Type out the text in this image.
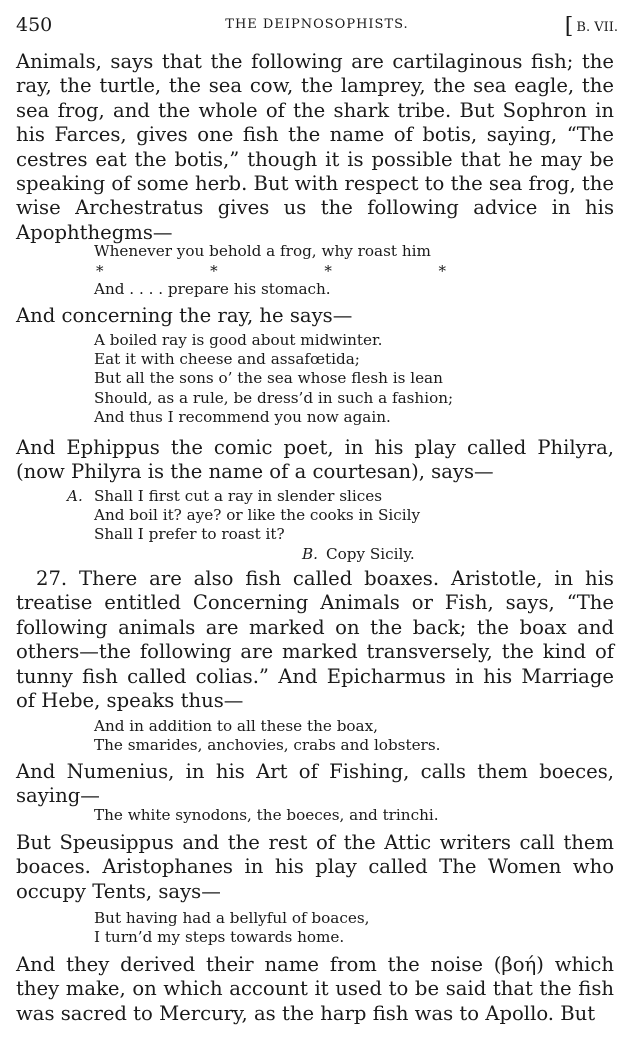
450	THE DEIPNOSOPHISTS.
[	B. VII.

Animals, says that the following are cartilaginous fish; the ray, the turtle, the sea cow, the lamprey, the sea eagle, the sea frog, and the whole of the shark tribe. But Sophron in his Farces, gives one fish the name of botis, saying, “The cestres eat the botis,” though it is possible that he may be speaking of some herb. But with respect to the sea frog, the wise Archestratus gives us the following advice in his Apophthegms—

Whenever you behold a frog, why roast him
*	*	*	*
And . . . . prepare his stomach.

And concerning the ray, he says—

A boiled ray is good about midwinter.
Eat it with cheese and assafœtida;
But all the sons o’ the sea whose flesh is lean
Should, as a rule, be dress’d in such a fashion;
And thus I recommend you now again.

And Ephippus the comic poet, in his play called Philyra, (now Philyra is the name of a courtesan), says—

A. Shall I first cut a ray in slender slices
And boil it? aye? or like the cooks in Sicily
Shall I prefer to roast it?
B. Copy Sicily.

27. There are also fish called boaxes. Aristotle, in his treatise entitled Concerning Animals or Fish, says, “The following animals are marked on the back; the boax and others—the following are marked transversely, the kind of tunny fish called colias.” And Epicharmus in his Marriage of Hebe, speaks thus—

And in addition to all these the boax,
The smarides, anchovies, crabs and lobsters.

And Numenius, in his Art of Fishing, calls them boeces, saying—

The white synodons, the boeces, and trinchi.

But Speusippus and the rest of the Attic writers call them boaces. Aristophanes in his play called The Women who occupy Tents, says—

But having had a bellyful of boaces,
I turn’d my steps towards home.

And they derived their name from the noise (βοή) which they make, on which account it used to be said that the fish was sacred to Mercury, as the harp fish was to Apollo. But
